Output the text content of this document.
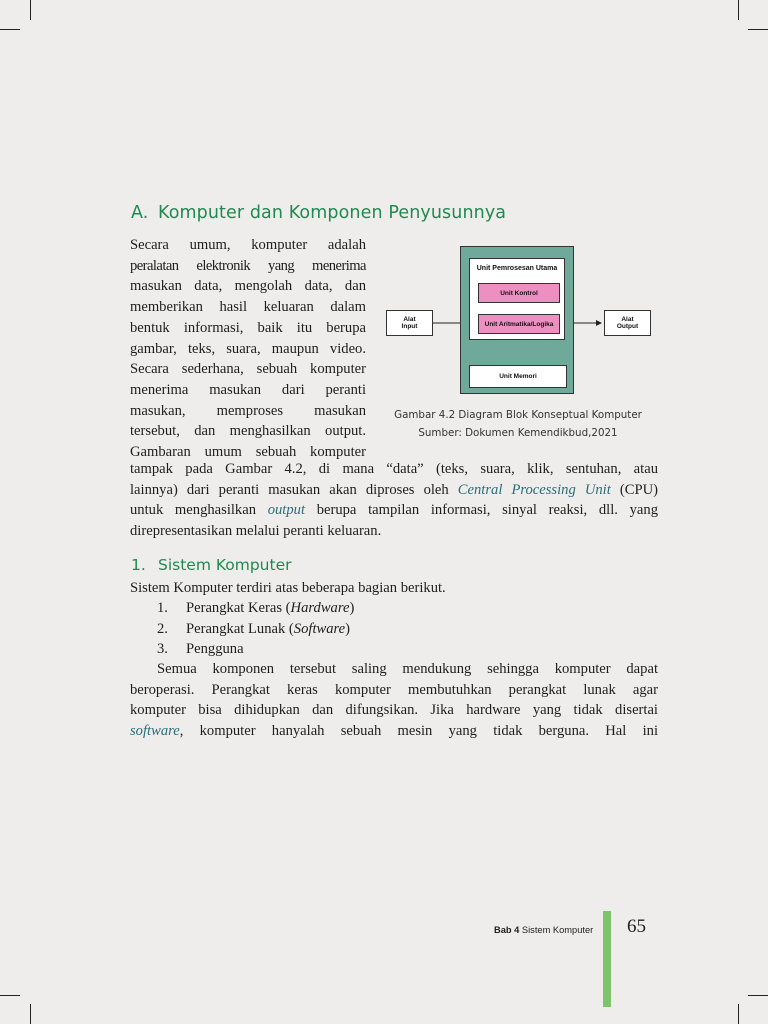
A. Komputer dan Komponen Penyusunnya
Secara umum, komputer adalah
peralatan elektronik yang menerima
masukan data, mengolah data, dan
memberikan hasil keluaran dalam
bentuk informasi, baik itu berupa
gambar, teks, suara, maupun video.
Secara sederhana, sebuah komputer
menerima masukan dari peranti
masukan, memproses masukan
tersebut, dan menghasilkan output.
Gambaran umum sebuah komputer
tampak pada Gambar 4.2, di mana “data” (teks, suara, klik, sentuhan, atau
lainnya) dari peranti masukan akan diproses oleh Central Processing Unit (CPU)
untuk menghasilkan output berupa tampilan informasi, sinyal reaksi, dll. yang
direpresentasikan melalui peranti keluaran.
Alat
Input
Unit Pemrosesan Utama
Unit Kontrol
Unit Aritmatika/Logika
Unit Memori
Alat
Output
Gambar 4.2 Diagram Blok Konseptual Komputer
Sumber: Dokumen Kemendikbud,2021
1. Sistem Komputer
Sistem Komputer terdiri atas beberapa bagian berikut.
1. Perangkat Keras (Hardware)
2. Perangkat Lunak (Software)
3. Pengguna
Semua komponen tersebut saling mendukung sehingga komputer dapat
beroperasi. Perangkat keras komputer membutuhkan perangkat lunak agar
komputer bisa dihidupkan dan difungsikan. Jika hardware yang tidak disertai
software, komputer hanyalah sebuah mesin yang tidak berguna. Hal ini
Bab 4 Sistem Komputer 65
